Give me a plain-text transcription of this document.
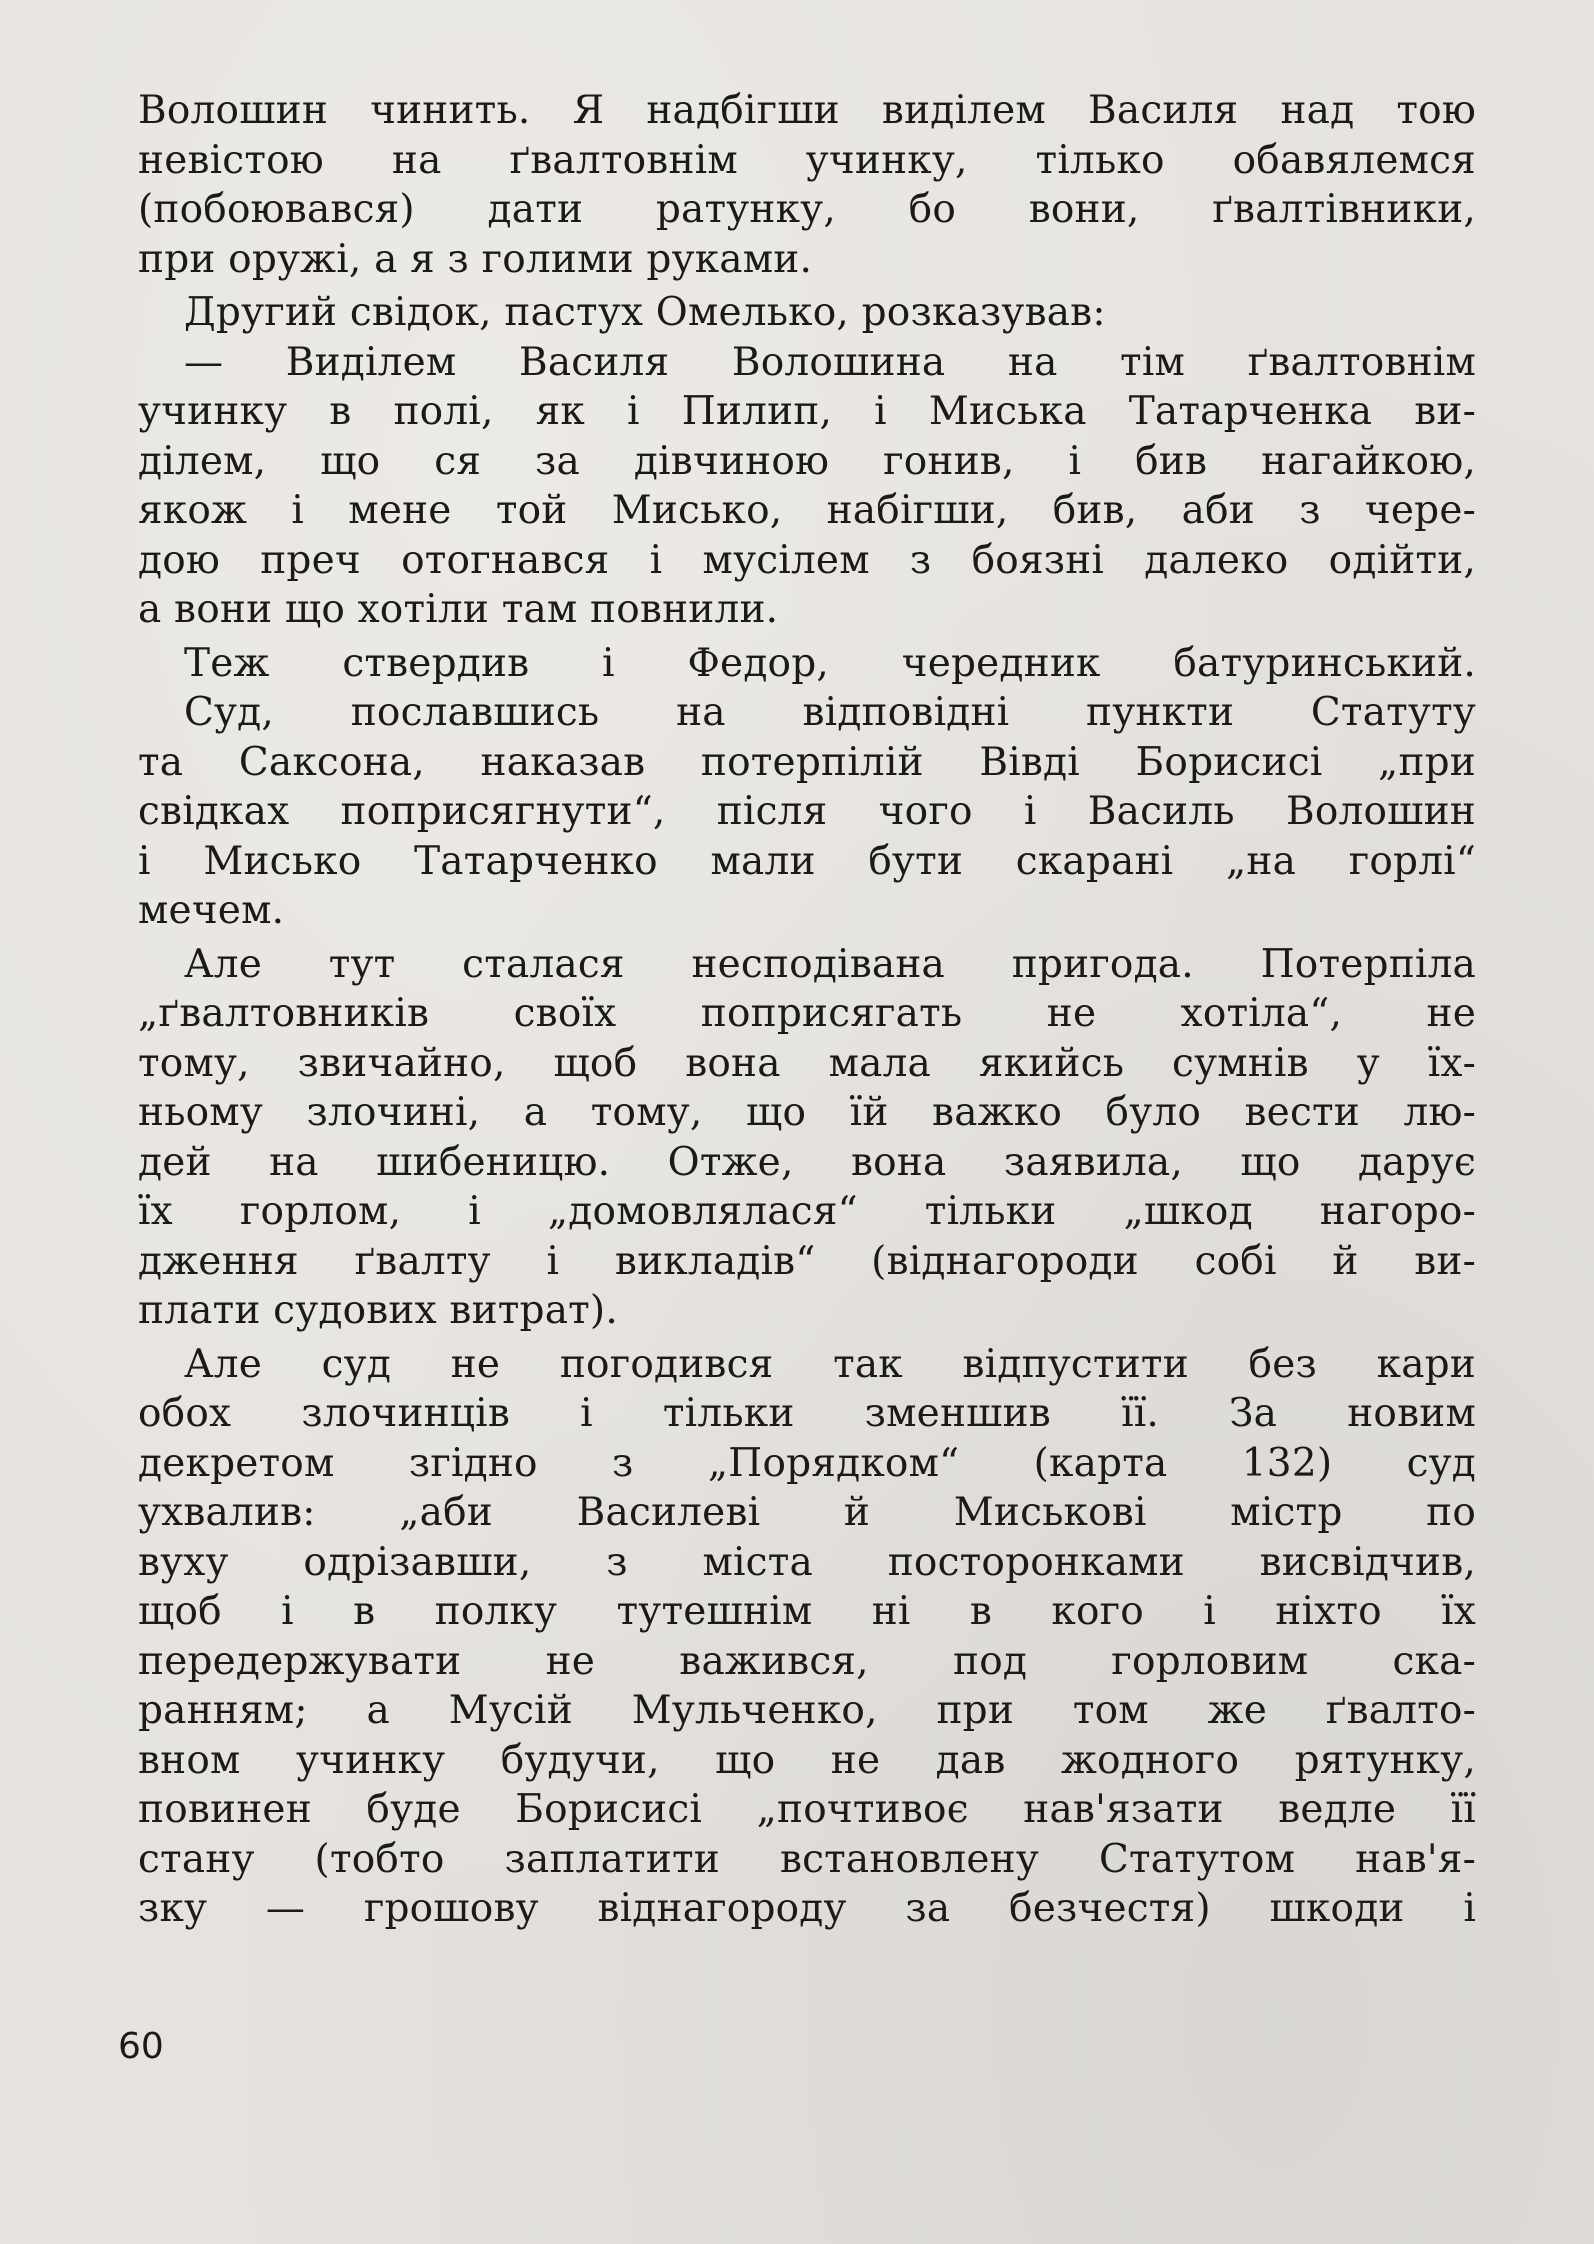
Волошин чинить. Я надбігши виділем Василя над тою
невістою на ґвалтовнім учинку, тілько обавялемся
(побоювався) дати ратунку, бо вони, ґвалтівники,
при оружі, а я з голими руками.
Другий свідок, пастух Омелько, розказував:
— Виділем Василя Волошина на тім ґвалтовнім
учинку в полі, як і Пилип, і Миська Татарченка ви-
ділем, що ся за дівчиною гонив, і бив нагайкою,
якож і мене той Мисько, набігши, бив, аби з чере-
дою преч отогнався і мусілем з боязні далеко одійти,
а вони що хотіли там повнили.
Теж ствердив і Федор, чередник батуринський.
Суд, пославшись на відповідні пункти Статуту
та Саксона, наказав потерпілій Вівді Борисисі „при
свідках поприсягнути“, після чого і Василь Волошин
і Мисько Татарченко мали бути скарані „на горлі“
мечем.
Але тут сталася несподівана пригода. Потерпіла
„ґвалтовників своїх поприсягать не хотіла“, не
тому, звичайно, щоб вона мала якийсь сумнів у їх-
ньому злочині, а тому, що їй важко було вести лю-
дей на шибеницю. Отже, вона заявила, що дарує
їх горлом, і „домовлялася“ тільки „шкод нагоро-
дження ґвалту і викладів“ (віднагороди собі й ви-
плати судових витрат).
Але суд не погодився так відпустити без кари
обох злочинців і тільки зменшив її. За новим
декретом згідно з „Порядком“ (карта 132) суд
ухвалив: „аби Василеві й Миськові містр по
вуху одрізавши, з міста посторонками висвідчив,
щоб і в полку тутешнім ні в кого і ніхто їх
передержувати не важився, под горловим ска-
ранням; а Мусій Мульченко, при том же ґвалто-
вном учинку будучи, що не дав жодного рятунку,
повинен буде Борисисі „почтивоє нав'язати ведле її
стану (тобто заплатити встановлену Статутом нав'я-
зку — грошову віднагороду за безчестя) шкоди і
60
